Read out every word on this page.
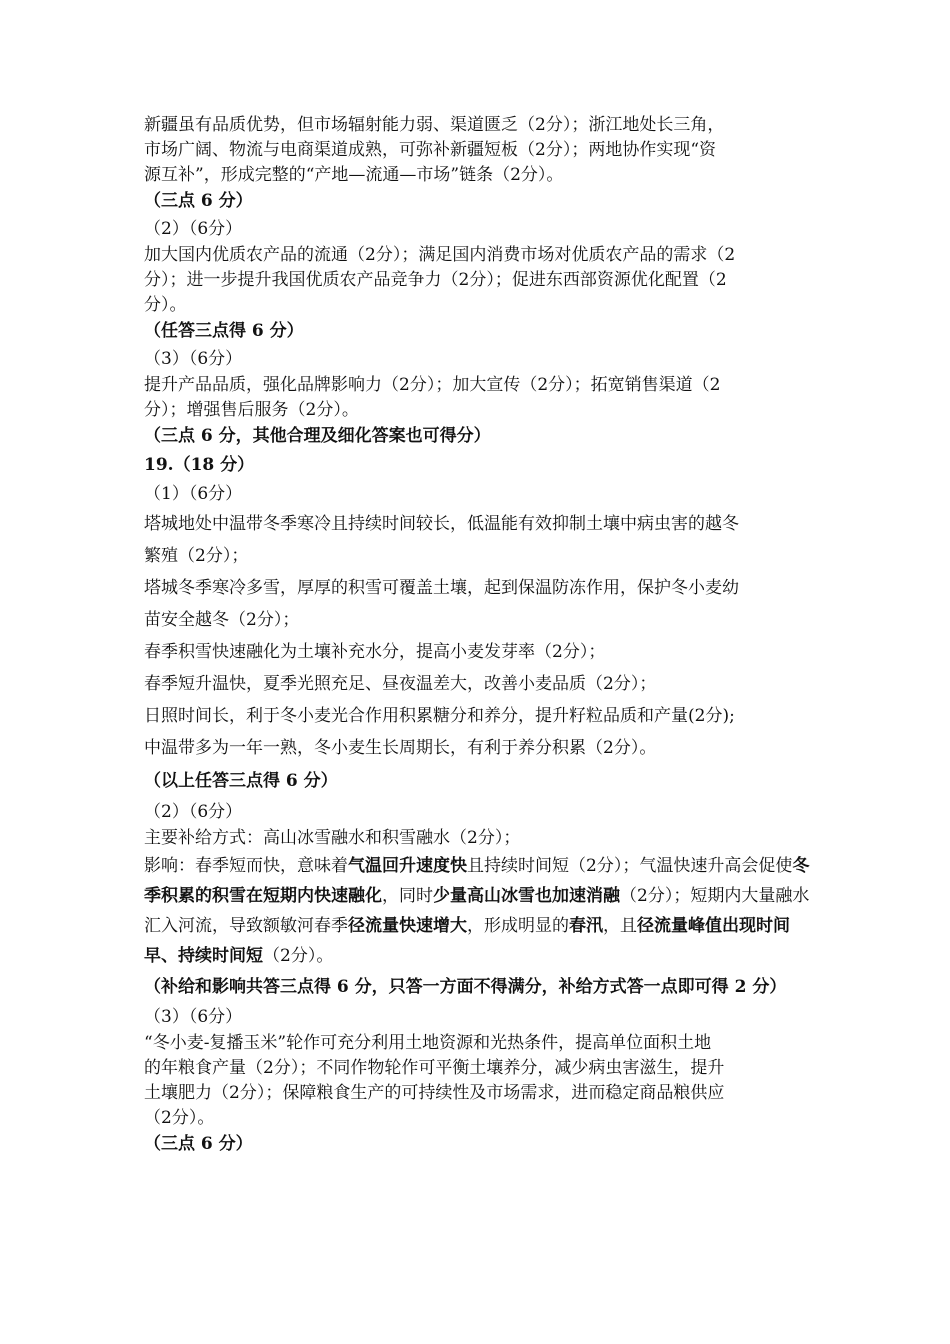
新疆虽有品质优势，但市场辐射能力弱、渠道匮乏（2分）；浙江地处长三角，

市场广阔、物流与电商渠道成熟，可弥补新疆短板（2分）；两地协作实现“资

源互补”，形成完整的“产地—流通—市场”链条（2分）。

（三点 6 分）

（2）（6分）

加大国内优质农产品的流通（2分）；满足国内消费市场对优质农产品的需求（2

分）；进一步提升我国优质农产品竞争力（2分）；促进东西部资源优化配置（2

分）。

（任答三点得 6 分）

（3）（6分）

提升产品品质，强化品牌影响力（2分）；加大宣传（2分）；拓宽销售渠道（2

分）；增强售后服务（2分）。

（三点 6 分，其他合理及细化答案也可得分）

19.（18 分）

（1）（6分）

塔城地处中温带冬季寒冷且持续时间较长，低温能有效抑制土壤中病虫害的越冬

繁殖（2分）；

塔城冬季寒冷多雪，厚厚的积雪可覆盖土壤，起到保温防冻作用，保护冬小麦幼

苗安全越冬（2分）；

春季积雪快速融化为土壤补充水分，提高小麦发芽率（2分）；

春季短升温快，夏季光照充足、昼夜温差大，改善小麦品质（2分）；

日照时间长，利于冬小麦光合作用积累糖分和养分，提升籽粒品质和产量(2分);

中温带多为一年一熟，冬小麦生长周期长，有利于养分积累（2分）。

（以上任答三点得 6 分）

（2）（6分）

主要补给方式：高山冰雪融水和积雪融水（2分）；

影响：春季短而快，意味着气温回升速度快且持续时间短（2分）；气温快速升高会促使冬季积累的积雪在短期内快速融化，同时少量高山冰雪也加速消融（2分）；短期内大量融水汇入河流，导致额敏河春季径流量快速增大，形成明显的春汛，且径流量峰值出现时间早、持续时间短（2分）。

（补给和影响共答三点得 6 分，只答一方面不得满分，补给方式答一点即可得 2 分）

（3）（6分）

“冬小麦-复播玉米”轮作可充分利用土地资源和光热条件，提高单位面积土地

的年粮食产量（2分）；不同作物轮作可平衡土壤养分，减少病虫害滋生，提升

土壤肥力（2分）；保障粮食生产的可持续性及市场需求，进而稳定商品粮供应

（2分）。

（三点 6 分）
